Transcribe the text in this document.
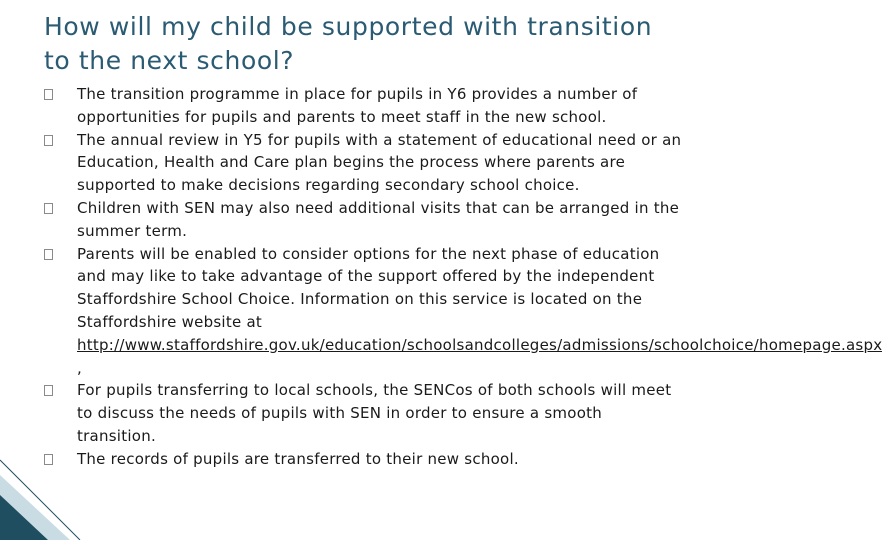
How will my child be supported with transition to the next school?
The transition programme in place for pupils in Y6 provides a number of opportunities for pupils and parents to meet staff in the new school.
The annual review in Y5 for pupils with a statement of educational need or an Education, Health and Care plan begins the process where parents are supported to make decisions regarding secondary school choice.
Children with SEN may also need additional visits that can be arranged in the summer term.
Parents will be enabled to consider options for the next phase of education and may like to take advantage of the support offered by the independent Staffordshire School Choice. Information on this service is located on the Staffordshire website at http://www.staffordshire.gov.uk/education/schoolsandcolleges/admissions/schoolchoice/homepage.aspx ,
For pupils transferring to local schools, the SENCos of both schools will meet to discuss the needs of pupils with SEN in order to ensure a smooth transition.
The records of pupils are transferred to their new school.
